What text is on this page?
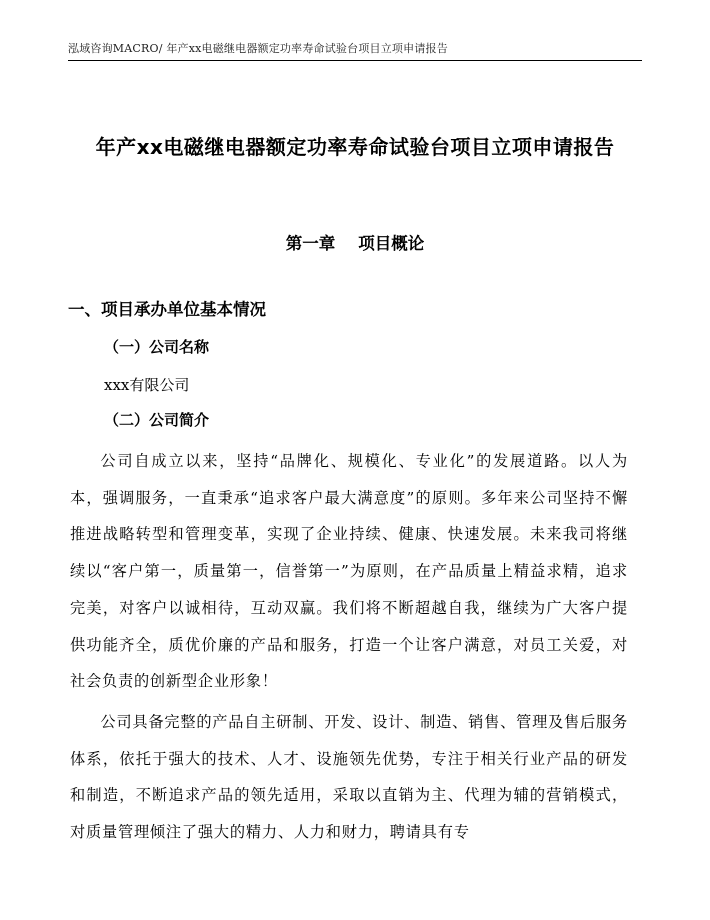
泓域咨询MACRO/ 年产xx电磁继电器额定功率寿命试验台项目立项申请报告
年产xx电磁继电器额定功率寿命试验台项目立项申请报告
第一章    项目概论
一、项目承办单位基本情况
（一）公司名称
xxx有限公司
（二）公司简介

公司自成立以来，坚持“品牌化、规模化、专业化”的发展道路。以人为本，强调服务，一直秉承“追求客户最大满意度”的原则。多年来公司坚持不懈推进战略转型和管理变革，实现了企业持续、健康、快速发展。未来我司将继续以“客户第一，质量第一，信誉第一”为原则，在产品质量上精益求精，追求完美，对客户以诚相待，互动双赢。我们将不断超越自我，继续为广大客户提供功能齐全，质优价廉的产品和服务，打造一个让客户满意，对员工关爱，对社会负责的创新型企业形象！

公司具备完整的产品自主研制、开发、设计、制造、销售、管理及售后服务体系，依托于强大的技术、人才、设施领先优势，专注于相关行业产品的研发和制造，不断追求产品的领先适用，采取以直销为主、代理为辅的营销模式，对质量管理倾注了强大的精力、人力和财力，聘请具有专
